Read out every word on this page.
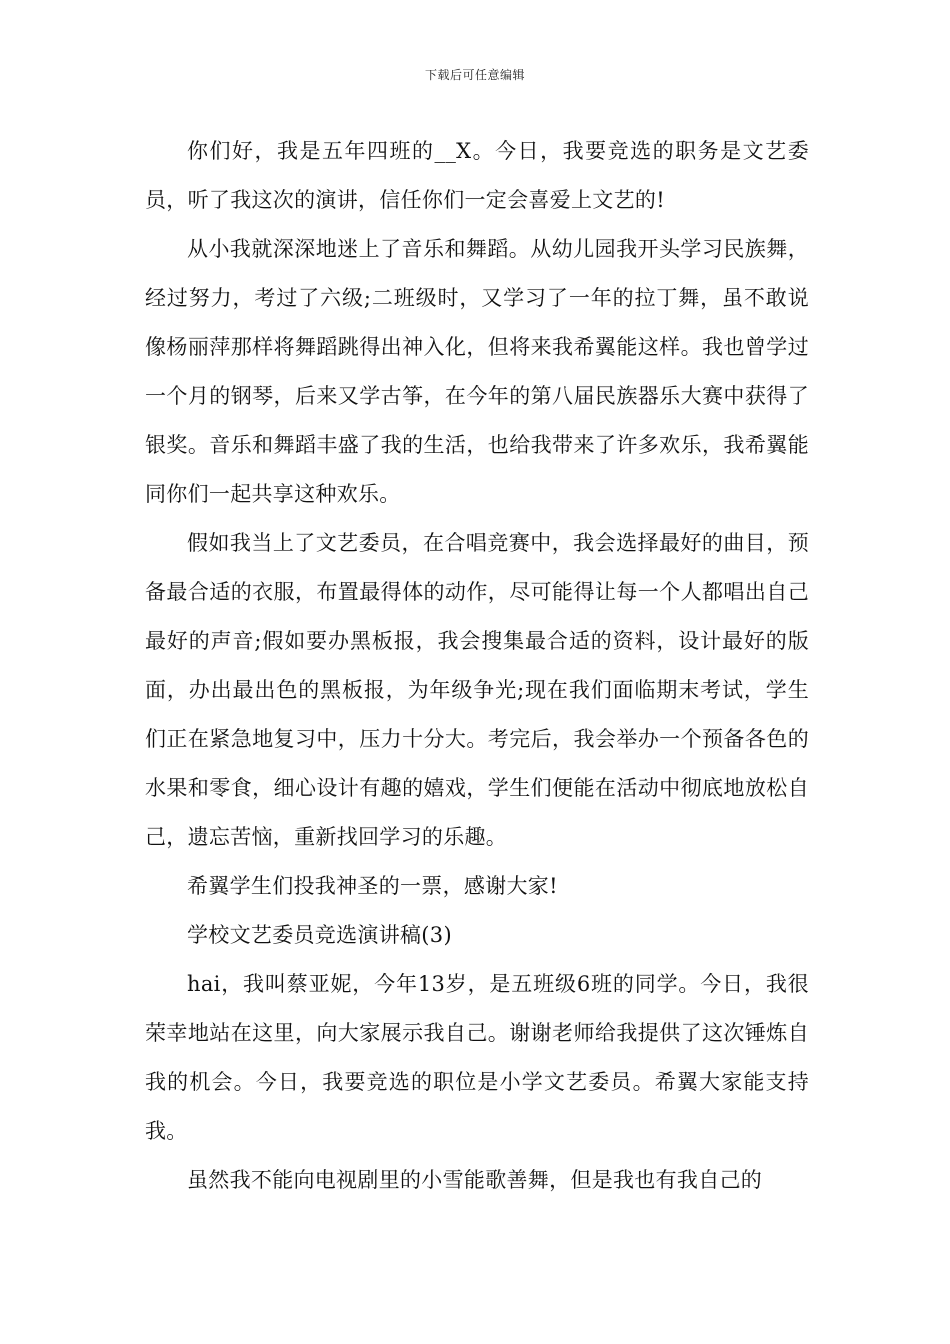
下载后可任意编辑

你们好，我是五年四班的__X。今日，我要竞选的职务是文艺委员，听了我这次的演讲，信任你们一定会喜爱上文艺的!

从小我就深深地迷上了音乐和舞蹈。从幼儿园我开头学习民族舞，经过努力，考过了六级;二班级时，又学习了一年的拉丁舞，虽不敢说像杨丽萍那样将舞蹈跳得出神入化，但将来我希翼能这样。我也曾学过一个月的钢琴，后来又学古筝，在今年的第八届民族器乐大赛中获得了银奖。音乐和舞蹈丰盛了我的生活，也给我带来了许多欢乐，我希翼能同你们一起共享这种欢乐。

假如我当上了文艺委员，在合唱竞赛中，我会选择最好的曲目，预备最合适的衣服，布置最得体的动作，尽可能得让每一个人都唱出自己最好的声音;假如要办黑板报，我会搜集最合适的资料，设计最好的版面，办出最出色的黑板报，为年级争光;现在我们面临期末考试，学生们正在紧急地复习中，压力十分大。考完后，我会举办一个预备各色的水果和零食，细心设计有趣的嬉戏，学生们便能在活动中彻底地放松自己，遗忘苦恼，重新找回学习的乐趣。

希翼学生们投我神圣的一票，感谢大家!

学校文艺委员竞选演讲稿(3)

hai，我叫蔡亚妮，今年13岁，是五班级6班的同学。今日，我很荣幸地站在这里，向大家展示我自己。谢谢老师给我提供了这次锤炼自我的机会。今日，我要竞选的职位是小学文艺委员。希翼大家能支持我。

虽然我不能向电视剧里的小雪能歌善舞，但是我也有我自己的
